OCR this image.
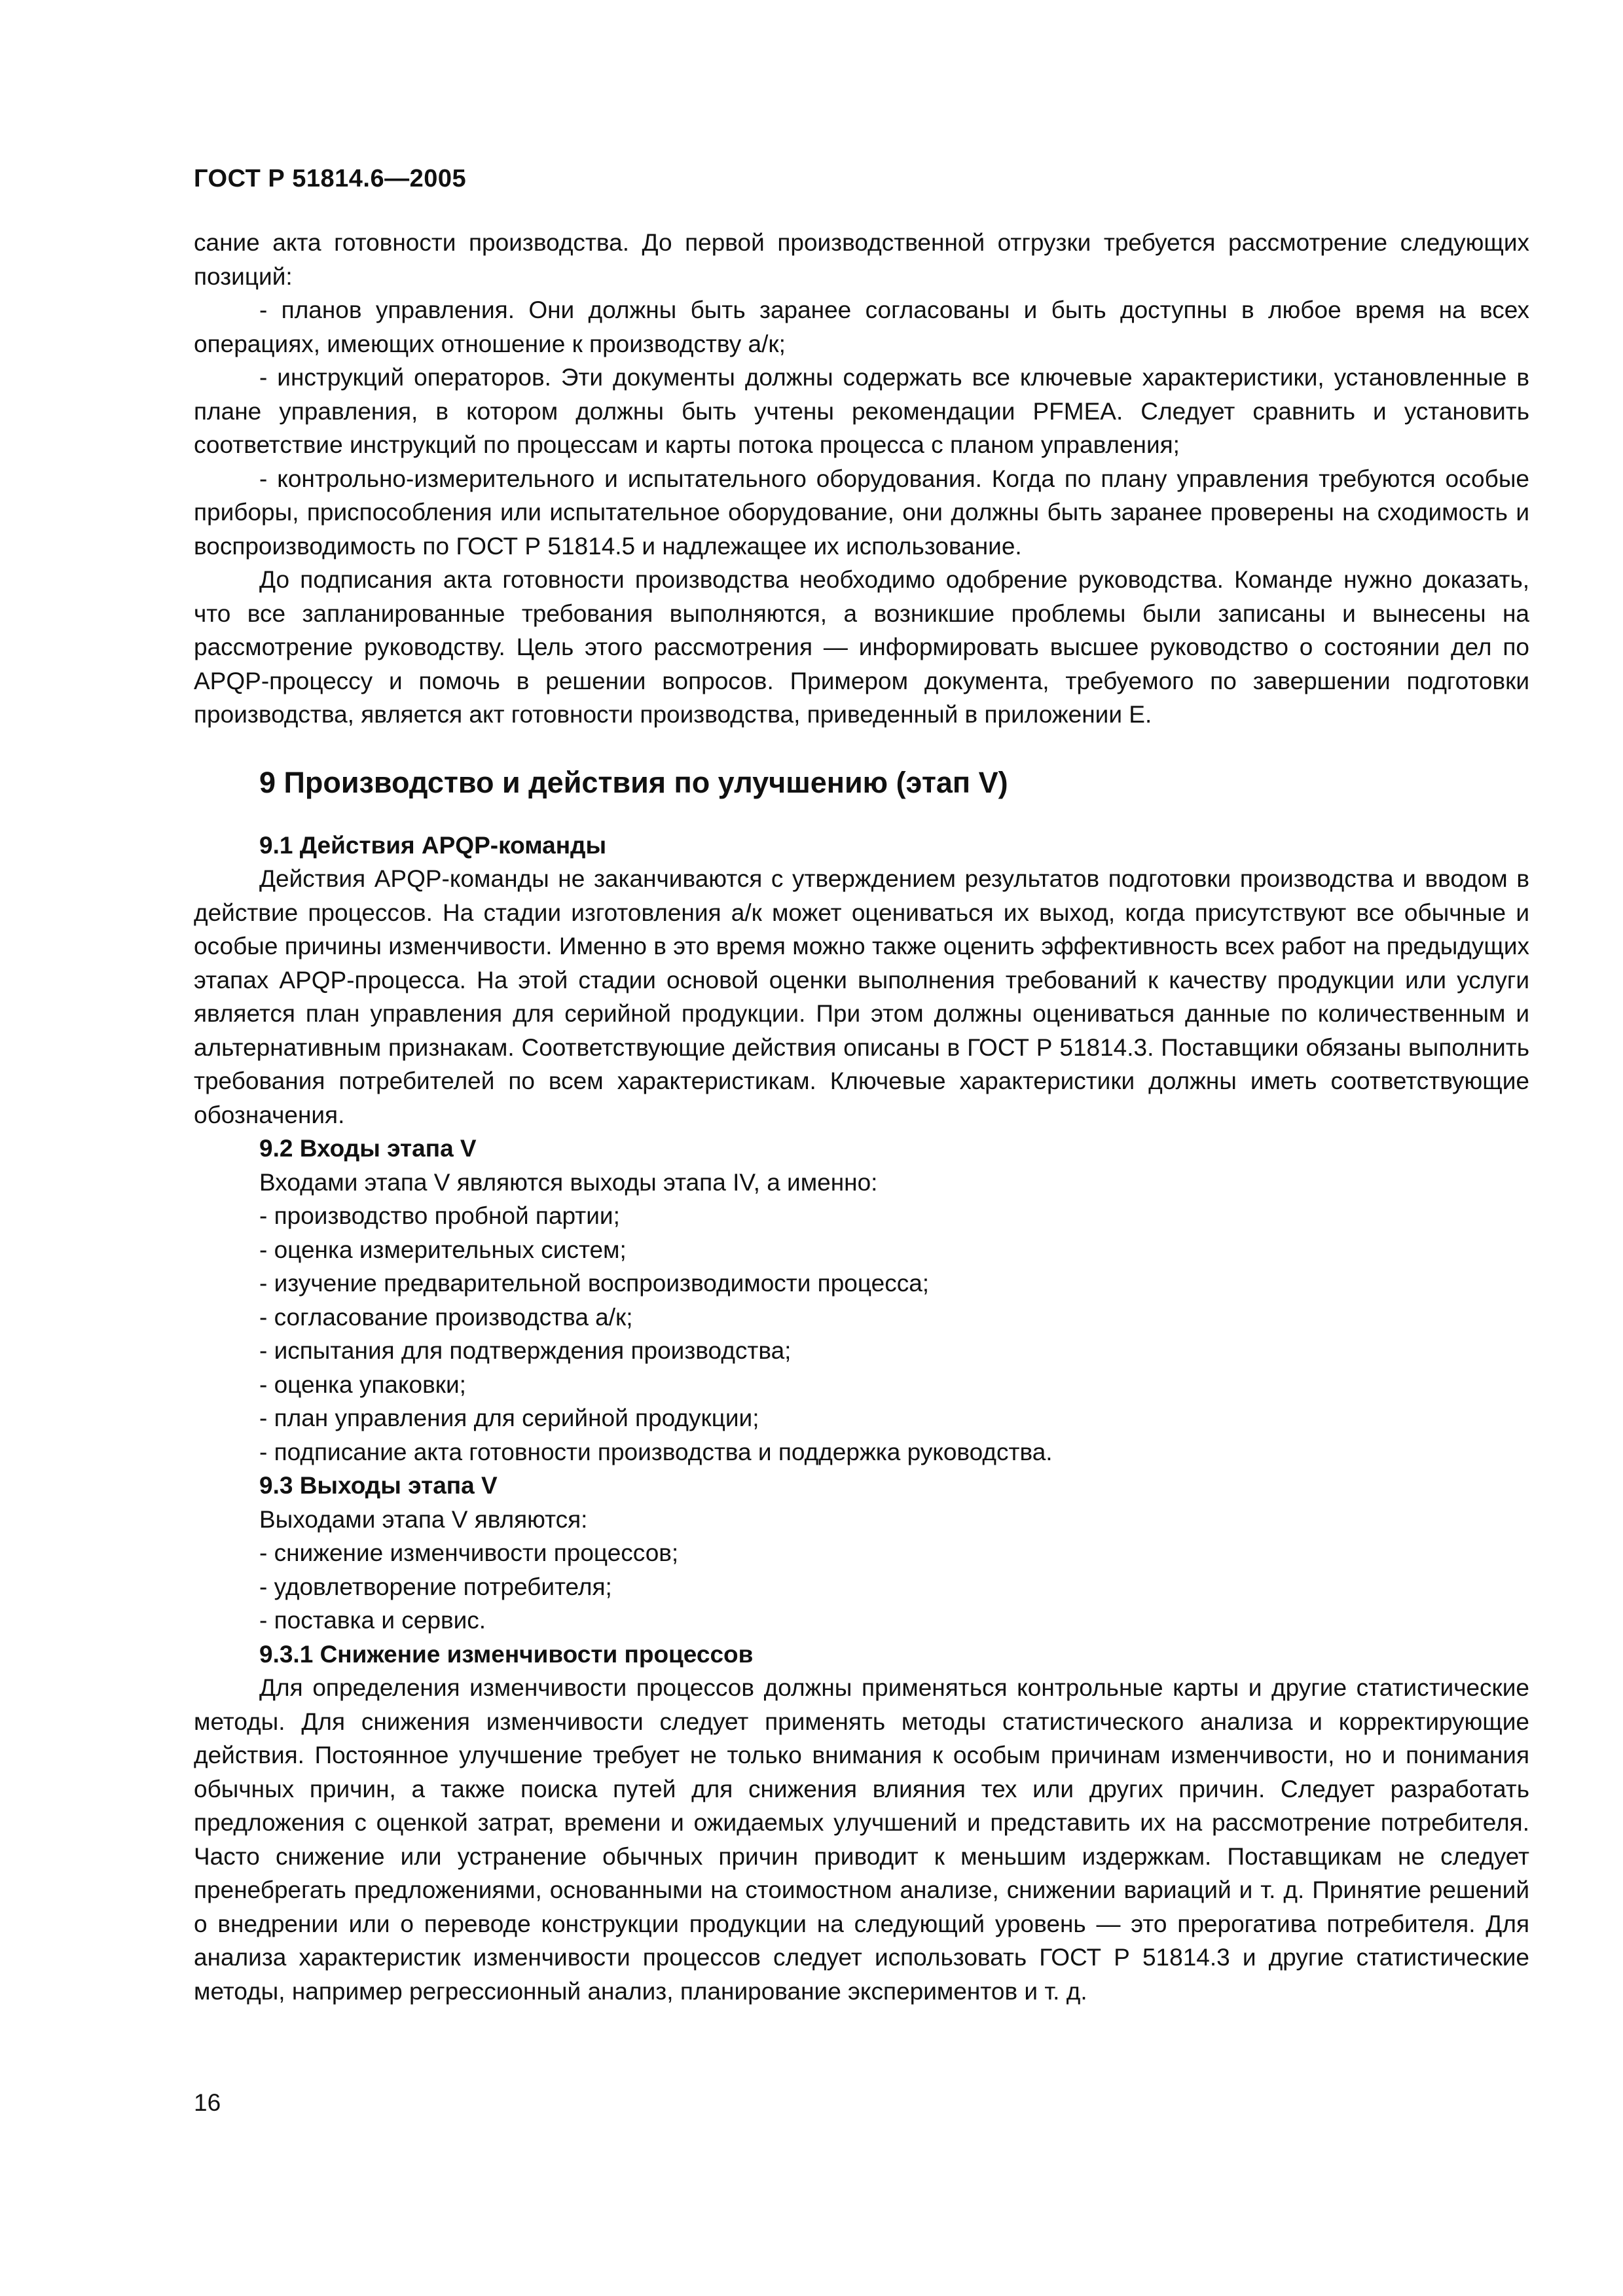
ГОСТ Р 51814.6—2005

сание акта готовности производства. До первой производственной отгрузки требуется рассмотрение следующих позиций:

- планов управления. Они должны быть заранее согласованы и быть доступны в любое время на всех операциях, имеющих отношение к производству а/к;

- инструкций операторов. Эти документы должны содержать все ключевые характеристики, установленные в плане управления, в котором должны быть учтены рекомендации PFMEA. Следует сравнить и установить соответствие инструкций по процессам и карты потока процесса с планом управления;

- контрольно-измерительного и испытательного оборудования. Когда по плану управления требуются особые приборы, приспособления или испытательное оборудование, они должны быть заранее проверены на сходимость и воспроизводимость по ГОСТ Р 51814.5 и надлежащее их использование.

До подписания акта готовности производства необходимо одобрение руководства. Команде нужно доказать, что все запланированные требования выполняются, а возникшие проблемы были записаны и вынесены на рассмотрение руководству. Цель этого рассмотрения — информировать высшее руководство о состоянии дел по APQP-процессу и помочь в решении вопросов. Примером документа, требуемого по завершении подготовки производства, является акт готовности производства, приведенный в приложении Е.

9 Производство и действия по улучшению (этап V)

9.1 Действия APQP-команды

Действия APQP-команды не заканчиваются с утверждением результатов подготовки производства и вводом в действие процессов. На стадии изготовления а/к может оцениваться их выход, когда присутствуют все обычные и особые причины изменчивости. Именно в это время можно также оценить эффективность всех работ на предыдущих этапах APQP-процесса. На этой стадии основой оценки выполнения требований к качеству продукции или услуги является план управления для серийной продукции. При этом должны оцениваться данные по количественным и альтернативным признакам. Соответствующие действия описаны в ГОСТ Р 51814.3. Поставщики обязаны выполнить требования потребителей по всем характеристикам. Ключевые характеристики должны иметь соответствующие обозначения.

9.2 Входы этапа V

Входами этапа V являются выходы этапа IV, а именно:

- производство пробной партии;

- оценка измерительных систем;

- изучение предварительной воспроизводимости процесса;

- согласование производства а/к;

- испытания для подтверждения производства;

- оценка упаковки;

- план управления для серийной продукции;

- подписание акта готовности производства и поддержка руководства.

9.3 Выходы этапа V

Выходами этапа V являются:

- снижение изменчивости процессов;

- удовлетворение потребителя;

- поставка и сервис.

9.3.1 Снижение изменчивости процессов

Для определения изменчивости процессов должны применяться контрольные карты и другие статистические методы. Для снижения изменчивости следует применять методы статистического анализа и корректирующие действия. Постоянное улучшение требует не только внимания к особым причинам изменчивости, но и понимания обычных причин, а также поиска путей для снижения влияния тех или других причин. Следует разработать предложения с оценкой затрат, времени и ожидаемых улучшений и представить их на рассмотрение потребителя. Часто снижение или устранение обычных причин приводит к меньшим издержкам. Поставщикам не следует пренебрегать предложениями, основанными на стоимостном анализе, снижении вариаций и т. д. Принятие решений о внедрении или о переводе конструкции продукции на следующий уровень — это прерогатива потребителя. Для анализа характеристик изменчивости процессов следует использовать ГОСТ Р 51814.3 и другие статистические методы, например регрессионный анализ, планирование экспериментов и т. д.

16
